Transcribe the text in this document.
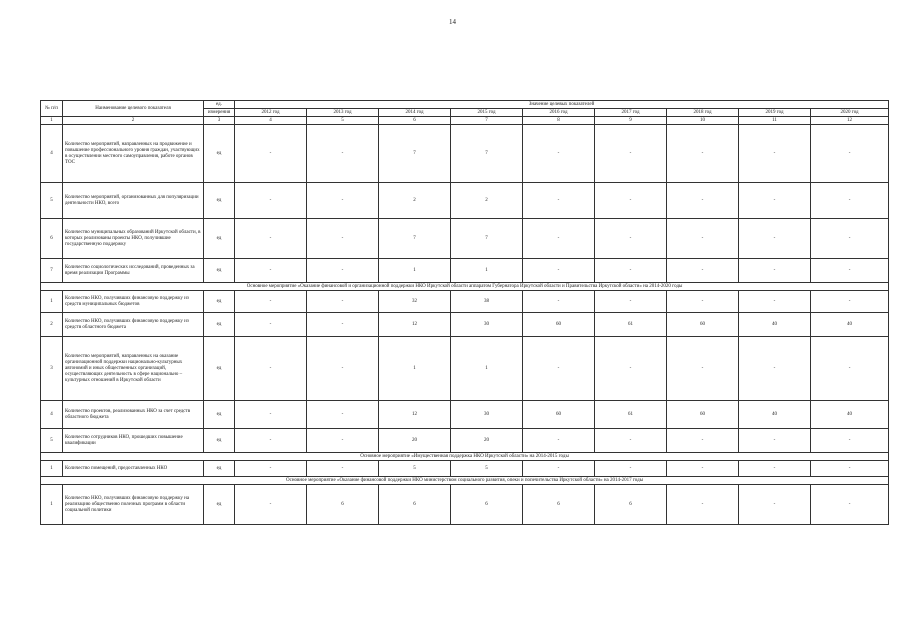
14
№ п/п	Наименование целевого показателя	ед.	Значение целевых показателей								
		измерения	2012 год	2013 год	2014 год	2015 год	2016 год	2017 год	2018 год	2019 год	2020 год
1	2	3	4	5	6	7	8	9	10	11	12
4	Количество мероприятий, направленных на продвижение и повышение профессионального уровня граждан, участвующих в осуществлении местного самоуправления, работе органов ТОС	ед	-	-	7	7	-	-	-	-	-
5	Количество мероприятий, организованных для популяризации деятельности НКО, всего	ед	-	-	2	2	-	-	-	-	-
6	Количество муниципальных образований Иркутской области, в которых реализованы проекты НКО, получившие государственную поддержку	ед	-	-	7	7	-	-	-	-	-
7	Количество социологических исследований, проведенных за время реализации Программы	ед	-	-	1	1	-	-	-	-	-
Основное мероприятие «Оказание финансовой и организационной поддержки НКО Иркутской области аппаратом Губернатора Иркутской области и Правительства Иркутской области» на 2014-2020 годы											
1	Количество НКО, получивших финансовую поддержку из средств муниципальных бюджетов	ед	-	-	32	38	-	-	-	-	-
2	Количество НКО, получивших финансовую поддержку из средств областного бюджета	ед	-	-	12	30	60	61	60	40	40
3	Количество мероприятий, направленных на оказание организационной поддержки национально-культурных автономий и иных общественных организаций, осуществляющих деятельность в сфере национально – культурных отношений в Иркутской области	ед	-	-	1	1	-	-	-	-	-
4	Количество проектов, реализованных НКО за счет средств областного бюджета	ед	-	-	12	30	60	61	60	40	40
5	Количество сотрудников НКО, прошедших повышение квалификации	ед	-	-	20	20	-	-	-	-	-
Основное мероприятие «Имущественная поддержка НКО Иркутской области» на 2014-2015 годы											
1	Количество помещений, предоставленных НКО	ед	-	-	5	5	-	-	-	-	-
Основное мероприятие «Оказание финансовой поддержки НКО министерством социального развития, опеки и попечительства Иркутской области» на 2014-2017 годы											
1	Количество НКО, получивших финансовую поддержку на реализацию общественно полезных программ в области социальной политики	ед	-	6	6	6	6	6	-	-	-
